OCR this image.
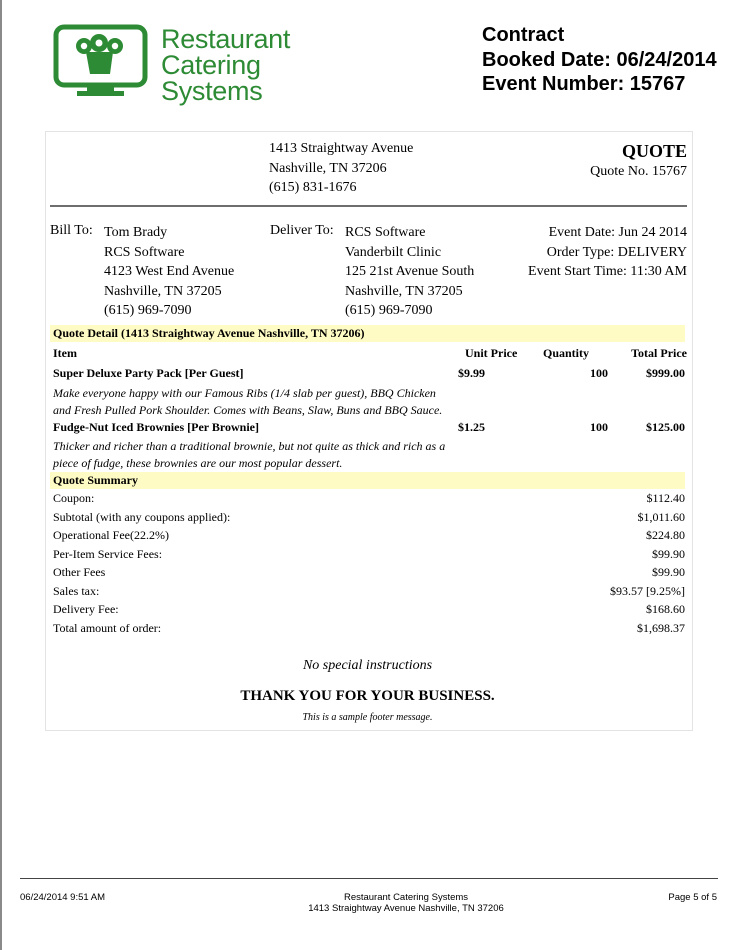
Restaurant
Catering
Systems
Contract
Booked Date: 06/24/2014
Event Number: 15767
1413 Straightway Avenue
Nashville, TN 37206
(615) 831-1676
QUOTE
Quote No. 15767
Bill To: Tom Brady
RCS Software
4123 West End Avenue
Nashville, TN 37205
(615) 969-7090
Deliver To: RCS Software
Vanderbilt Clinic
125 21st Avenue South
Nashville, TN 37205
(615) 969-7090
Event Date: Jun 24 2014
Order Type: DELIVERY
Event Start Time: 11:30 AM
Quote Detail (1413 Straightway Avenue Nashville, TN 37206)
Item	Unit Price Quantity	Total Price
Super Deluxe Party Pack [Per Guest]	$9.99	100	$999.00
Make everyone happy with our Famous Ribs (1/4 slab per guest), BBQ Chicken
and Fresh Pulled Pork Shoulder. Comes with Beans, Slaw, Buns and BBQ Sauce.
Fudge-Nut Iced Brownies [Per Brownie]	$1.25	100	$125.00
Thicker and richer than a traditional brownie, but not quite as thick and rich as a
piece of fudge, these brownies are our most popular dessert.
Quote Summary
Coupon:	$112.40
Subtotal (with any coupons applied):	$1,011.60
Operational Fee(22.2%)	$224.80
Per-Item Service Fees:	$99.90
Other Fees	$99.90
Sales tax:	$93.57 [9.25%]
Delivery Fee:	$168.60
Total amount of order:	$1,698.37
No special instructions
THANK YOU FOR YOUR BUSINESS.
This is a sample footer message.
06/24/2014 9:51 AM	Restaurant Catering Systems
1413 Straightway Avenue Nashville, TN 37206
Page 5 of 5
